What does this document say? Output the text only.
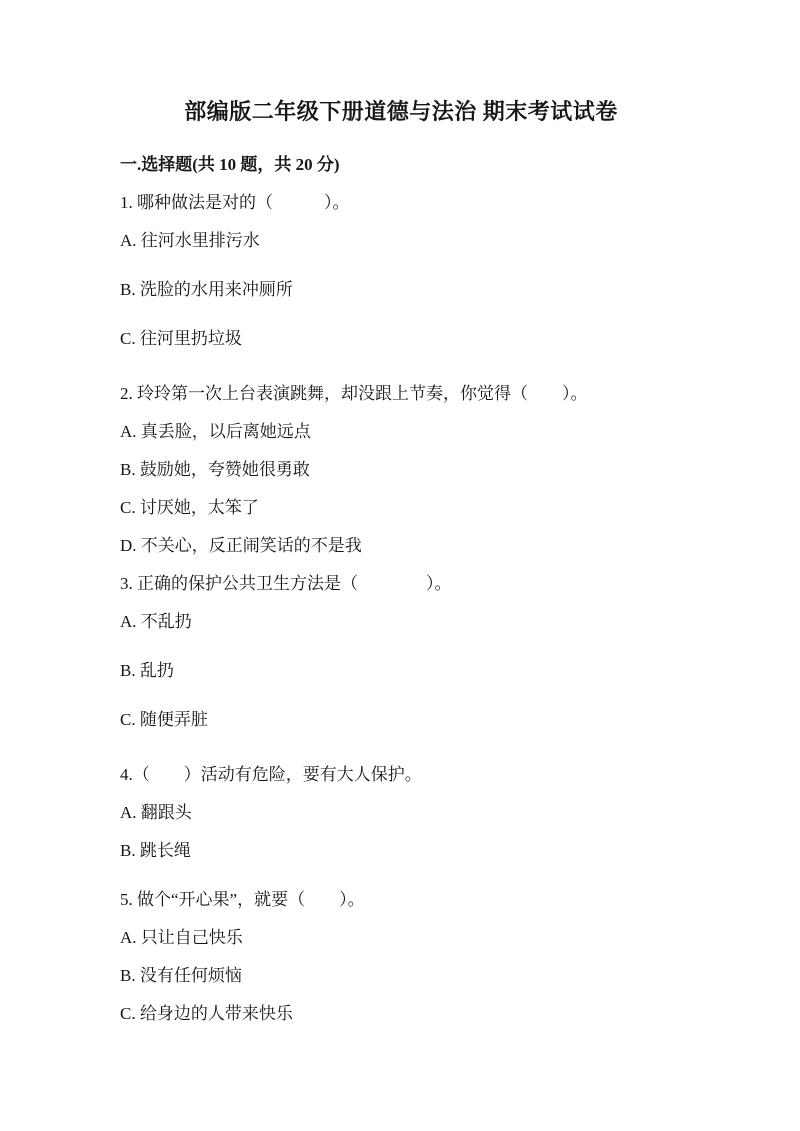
部编版二年级下册道德与法治 期末考试试卷
一.选择题(共 10 题，共 20 分)

1. 哪种做法是对的（　　　）。

A. 往河水里排污水

B. 洗脸的水用来冲厕所

C. 往河里扔垃圾

2. 玲玲第一次上台表演跳舞，却没跟上节奏，你觉得（　　）。

A. 真丢脸，以后离她远点

B. 鼓励她，夸赞她很勇敢

C. 讨厌她，太笨了

D. 不关心，反正闹笑话的不是我

3. 正确的保护公共卫生方法是（　　　　）。

A. 不乱扔

B. 乱扔

C. 随便弄脏

4.（　　）活动有危险，要有大人保护。

A. 翻跟头

B. 跳长绳

5. 做个“开心果”，就要（　　）。

A. 只让自己快乐

B. 没有任何烦恼

C. 给身边的人带来快乐
